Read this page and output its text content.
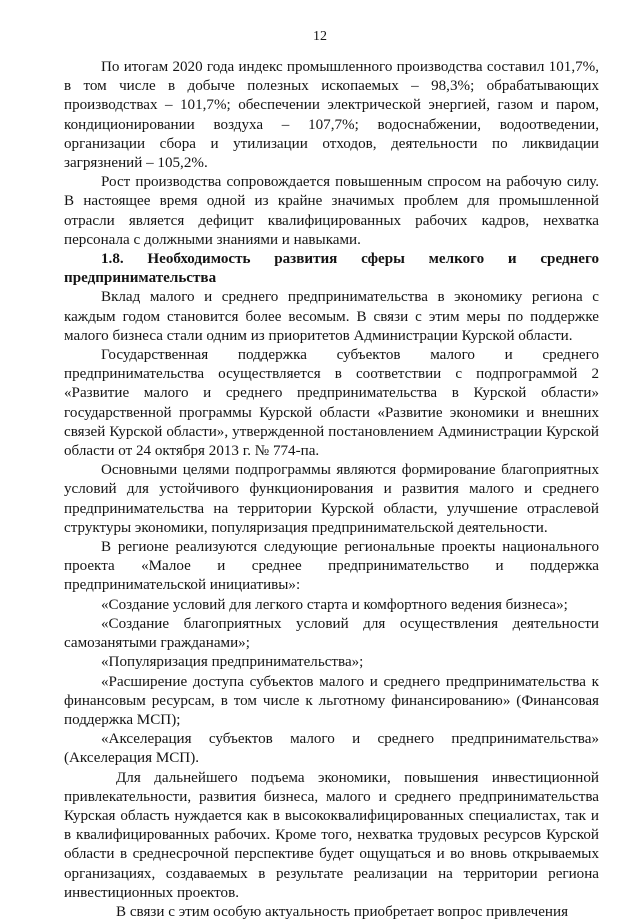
12

По итогам 2020 года индекс промышленного производства составил 101,7%, в том числе в добыче полезных ископаемых – 98,3%; обрабатывающих производствах – 101,7%; обеспечении электрической энергией, газом и паром, кондиционировании воздуха – 107,7%; водоснабжении, водоотведении, организации сбора и утилизации отходов, деятельности по ликвидации загрязнений – 105,2%.

Рост производства сопровождается повышенным спросом на рабочую силу. В настоящее время одной из крайне значимых проблем для промышленной отрасли является дефицит квалифицированных рабочих кадров, нехватка персонала с должными знаниями и навыками.

1.8. Необходимость развития сферы мелкого и среднего предпринимательства

Вклад малого и среднего предпринимательства в экономику региона с каждым годом становится более весомым. В связи с этим меры по поддержке малого бизнеса стали одним из приоритетов Администрации Курской области.

Государственная поддержка субъектов малого и среднего предпринимательства осуществляется в соответствии с подпрограммой 2 «Развитие малого и среднего предпринимательства в Курской области» государственной программы Курской области «Развитие экономики и внешних связей Курской области», утвержденной постановлением Администрации Курской области от 24 октября 2013 г. № 774-па.

Основными целями подпрограммы являются формирование благоприятных условий для устойчивого функционирования и развития малого и среднего предпринимательства на территории Курской области, улучшение отраслевой структуры экономики, популяризация предпринимательской деятельности.

В регионе реализуются следующие региональные проекты национального проекта «Малое и среднее предпринимательство и поддержка предпринимательской инициативы»:

«Создание условий для легкого старта и комфортного ведения бизнеса»;

«Создание благоприятных условий для осуществления деятельности самозанятыми гражданами»;

«Популяризация предпринимательства»;

«Расширение доступа субъектов малого и среднего предпринимательства к финансовым ресурсам, в том числе к льготному финансированию» (Финансовая поддержка МСП);

«Акселерация субъектов малого и среднего предпринимательства» (Акселерация МСП).

Для дальнейшего подъема экономики, повышения инвестиционной привлекательности, развития бизнеса, малого и среднего предпринимательства Курская область нуждается как в высококвалифицированных специалистах, так и в квалифицированных рабочих. Кроме того, нехватка трудовых ресурсов Курской области в среднесрочной перспективе будет ощущаться и во вновь открываемых организациях, создаваемых в результате реализации на территории региона инвестиционных проектов.

В связи с этим особую актуальность приобретает вопрос привлечения
